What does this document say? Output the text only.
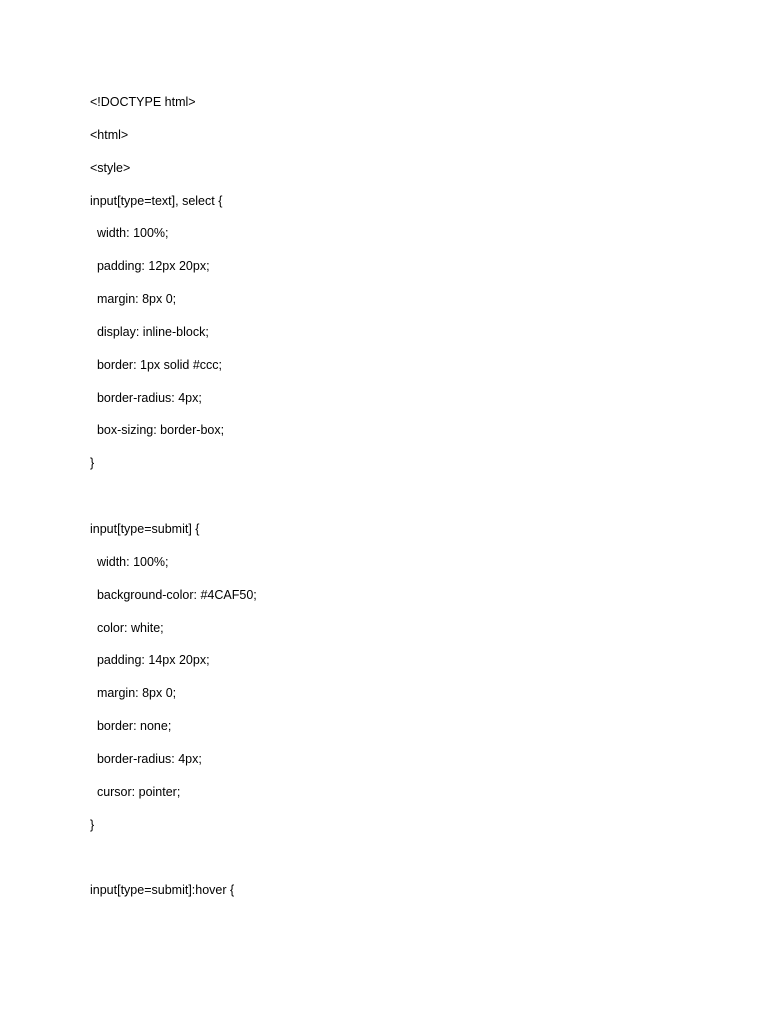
<!DOCTYPE html>

<html>

<style>

input[type=text], select {

width: 100%;

padding: 12px 20px;

margin: 8px 0;

display: inline-block;

border: 1px solid #ccc;

border-radius: 4px;

box-sizing: border-box;

}

input[type=submit] {

width: 100%;

background-color: #4CAF50;

color: white;

padding: 14px 20px;

margin: 8px 0;

border: none;

border-radius: 4px;

cursor: pointer;

}

input[type=submit]:hover {
